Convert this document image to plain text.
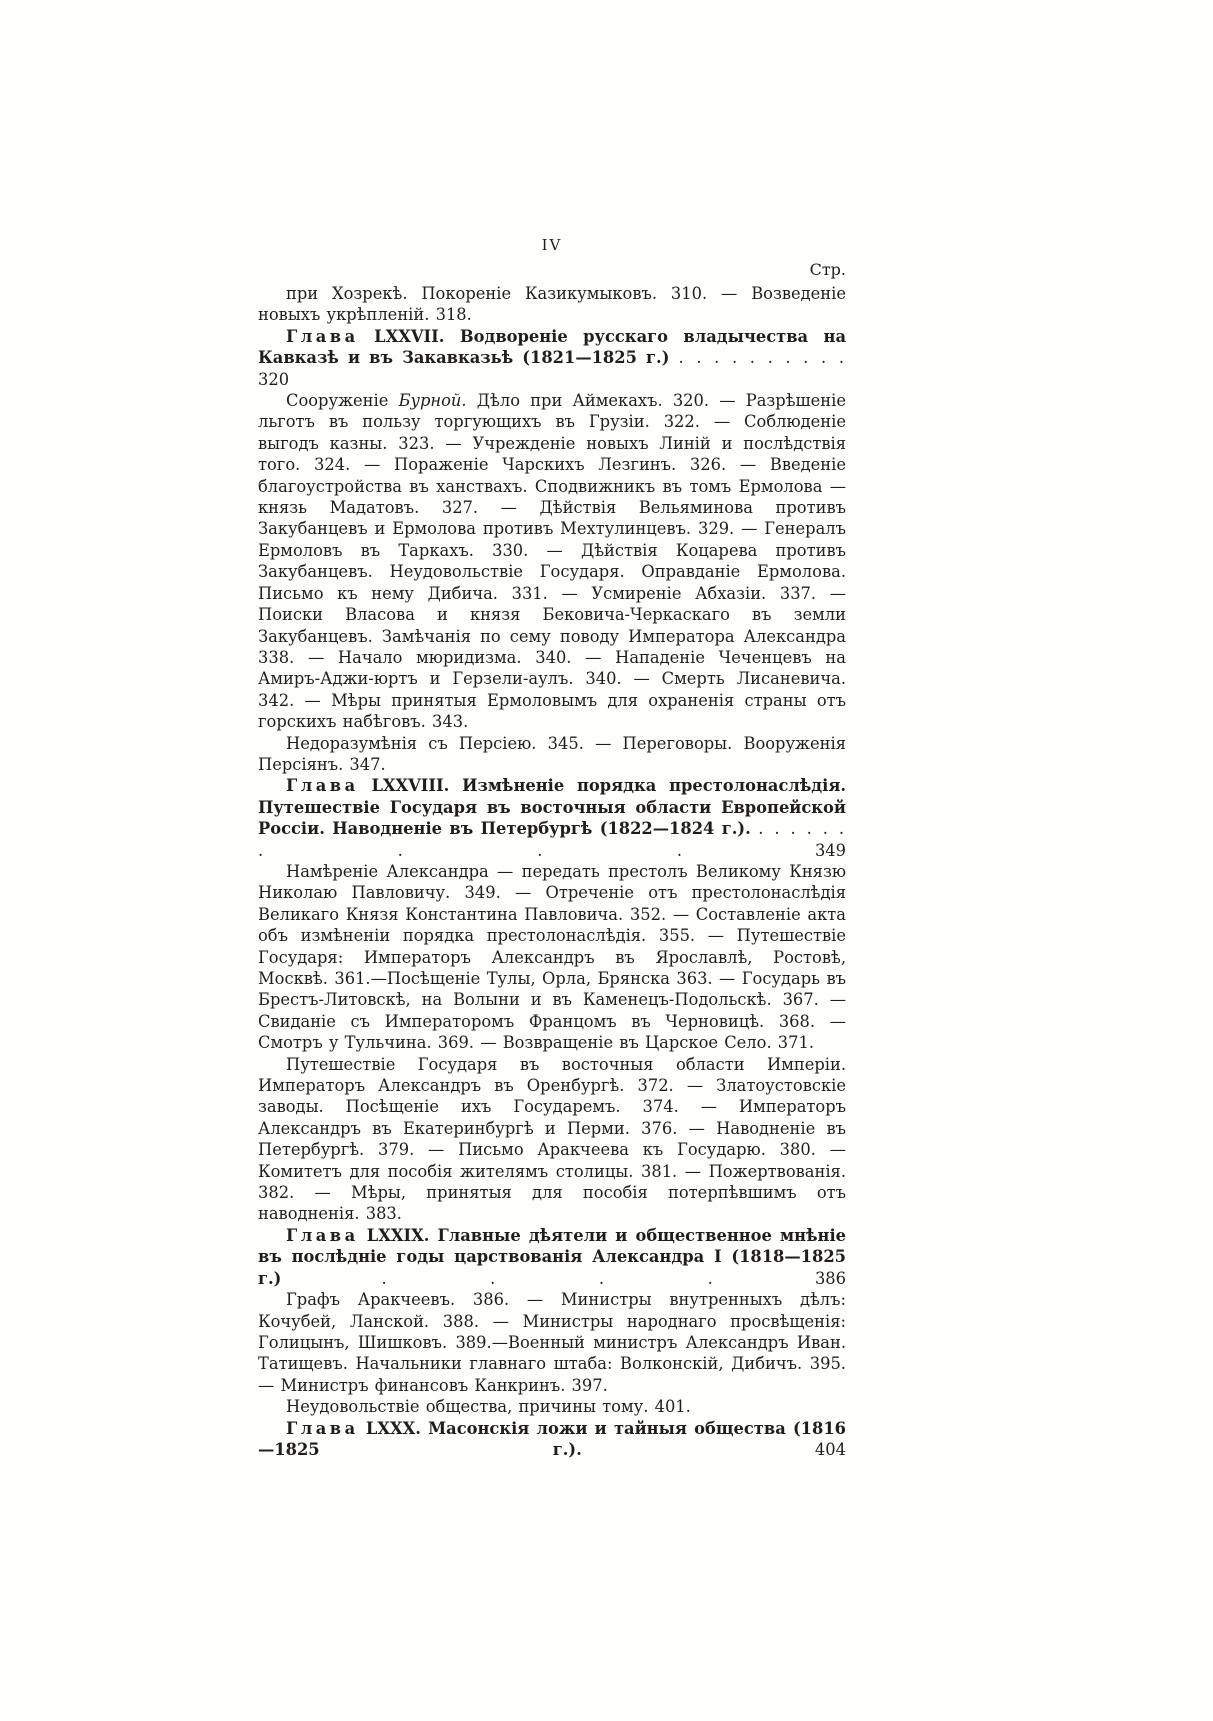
IV
Стр.

при Хозрекѣ. Покореніе Казикумыковъ. 310. — Возведеніе новыхъ укрѣпленій. 318.

Глава LXXVII. Водвореніе русскаго владычества на Кавказѣ и въ Закавказьѣ (1821—1825 г.) . . . . . . . . . . 320

Сооруженіе Бурной. Дѣло при Аймекахъ. 320. — Разрѣшеніе льготъ въ пользу торгующихъ въ Грузіи. 322. — Соблюденіе выгодъ казны. 323. — Учрежденіе новыхъ Линій и послѣдствія того. 324. — Пораженіе Чарскихъ Лезгинъ. 326. — Введеніе благоустройства въ ханствахъ. Сподвижникъ въ томъ Ермолова — князь Мадатовъ. 327. — Дѣйствія Вельяминова противъ Закубанцевъ и Ермолова противъ Мехтулинцевъ. 329. — Генералъ Ермоловъ въ Таркахъ. 330. — Дѣйствія Коцарева противъ Закубанцевъ. Неудовольствіе Государя. Оправданіе Ермолова. Письмо къ нему Дибича. 331. — Усмиреніе Абхазіи. 337. — Поиски Власова и князя Бековича-Черкаскаго въ земли Закубанцевъ. Замѣчанія по сему поводу Императора Александра 338. — Начало мюридизма. 340. — Нападеніе Чеченцевъ на Амиръ-Аджи-юртъ и Герзели-аулъ. 340. — Смерть Лисаневича. 342. — Мѣры принятыя Ермоловымъ для охраненія страны отъ горскихъ набѣговъ. 343.

Недоразумѣнія съ Персіею. 345. — Переговоры. Вооруженія Персіянъ. 347.

Глава LXXVIII. Измѣненіе порядка престолонаслѣдія. Путешествіе Государя въ восточныя области Европейской Россіи. Наводненіе въ Петербургѣ (1822—1824 г.). . . . . . . . . . .	349

Намѣреніе Александра — передать престолъ Великому Князю Николаю Павловичу. 349. — Отреченіе отъ престолонаслѣдія Великаго Князя Константина Павловича. 352. — Составленіе акта объ измѣненіи порядка престолонаслѣдія. 355. — Путешествіе Государя: Императоръ Александръ въ Ярославлѣ, Ростовѣ, Москвѣ. 361.—Посѣщеніе Тулы, Орла, Брянска 363. — Государь въ Брестъ-Литовскѣ, на Волыни и въ Каменецъ-Подольскѣ. 367. — Свиданіе съ Императоромъ Францомъ въ Черновицѣ. 368. — Смотръ у Тульчина. 369. — Возвращеніе въ Царское Село. 371.

Путешествіе Государя въ восточныя области Имперіи. Императоръ Александръ въ Оренбургѣ. 372. — Златоустовскіе заводы. Посѣщеніе ихъ Государемъ. 374. — Императоръ Александръ въ Екатеринбургѣ и Перми. 376. — Наводненіе въ Петербургѣ. 379. — Письмо Аракчеева къ Государю. 380. — Комитетъ для пособія жителямъ столицы. 381. — Пожертвованія. 382. — Мѣры, принятыя для пособія потерпѣвшимъ отъ наводненія. 383.

Глава LXXIX. Главные дѣятели и общественное мнѣніе въ послѣдніе годы царствованія Александра I (1818—1825 г.)	. . . .	386

Графъ Аракчеевъ. 386. — Министры внутренныхъ дѣлъ: Кочубей, Ланской. 388. — Министры народнаго просвѣщенія: Голицынъ, Шишковъ. 389.—Военный министръ Александръ Иван. Татищевъ. Начальники главнаго штаба: Волконскій, Дибичъ. 395.— Министръ финансовъ Канкринъ. 397.

Неудовольствіе общества, причины тому. 401.

Глава LXXX. Масонскія ложи и тайныя общества (1816—1825 г.).	404
